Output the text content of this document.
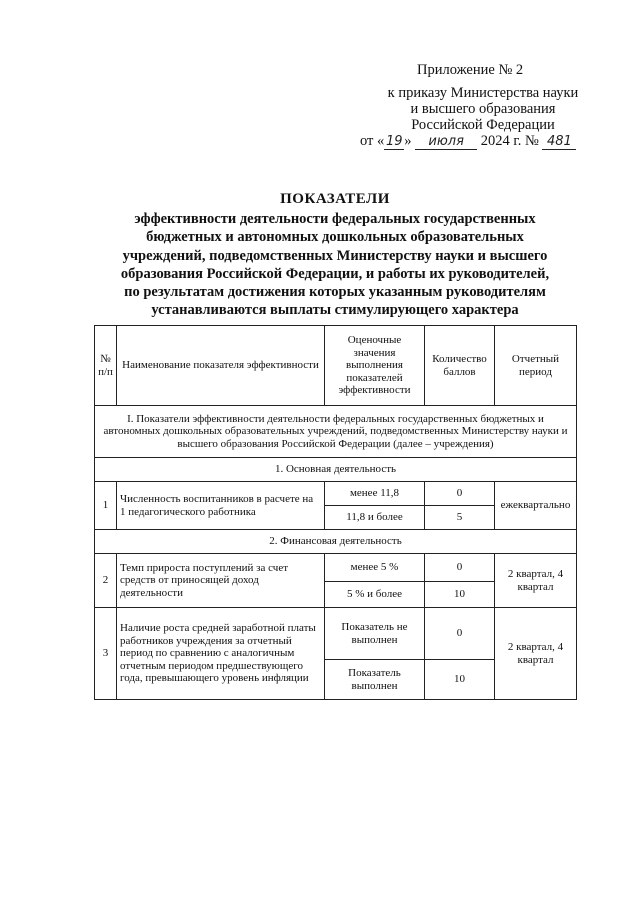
Приложение № 2
к приказу Министерства науки
и высшего образования
Российской Федерации
от « 19 » июля 2024 г. № 481
ПОКАЗАТЕЛИ
эффективности деятельности федеральных государственных
бюджетных и автономных дошкольных образовательных
учреждений, подведомственных Министерству науки и высшего
образования Российской Федерации, и работы их руководителей,
по результатам достижения которых указанным руководителям
устанавливаются выплаты стимулирующего характера
№ п/п	Наименование показателя эффективности	Оценочные значения выполнения показателей эффективности	Количество баллов	Отчетный период
I. Показатели эффективности деятельности федеральных государственных бюджетных и автономных дошкольных образовательных учреждений, подведомственных Министерству науки и высшего образования Российской Федерации (далее – учреждения)				
1. Основная деятельность				
1	Численность воспитанников в расчете на 1 педагогического работника	менее 11,8	0	ежеквартально
		11,8 и более	5	
2. Финансовая деятельность				
2	Темп прироста поступлений за счет средств от приносящей доход деятельности	менее 5 %	0	2 квартал, 4 квартал
		5 % и более	10	
3	Наличие роста средней заработной платы работников учреждения за отчетный период по сравнению с аналогичным отчетным периодом предшествующего года, превышающего уровень инфляции	Показатель не выполнен	0	2 квартал, 4 квартал
		Показатель выполнен	10	
